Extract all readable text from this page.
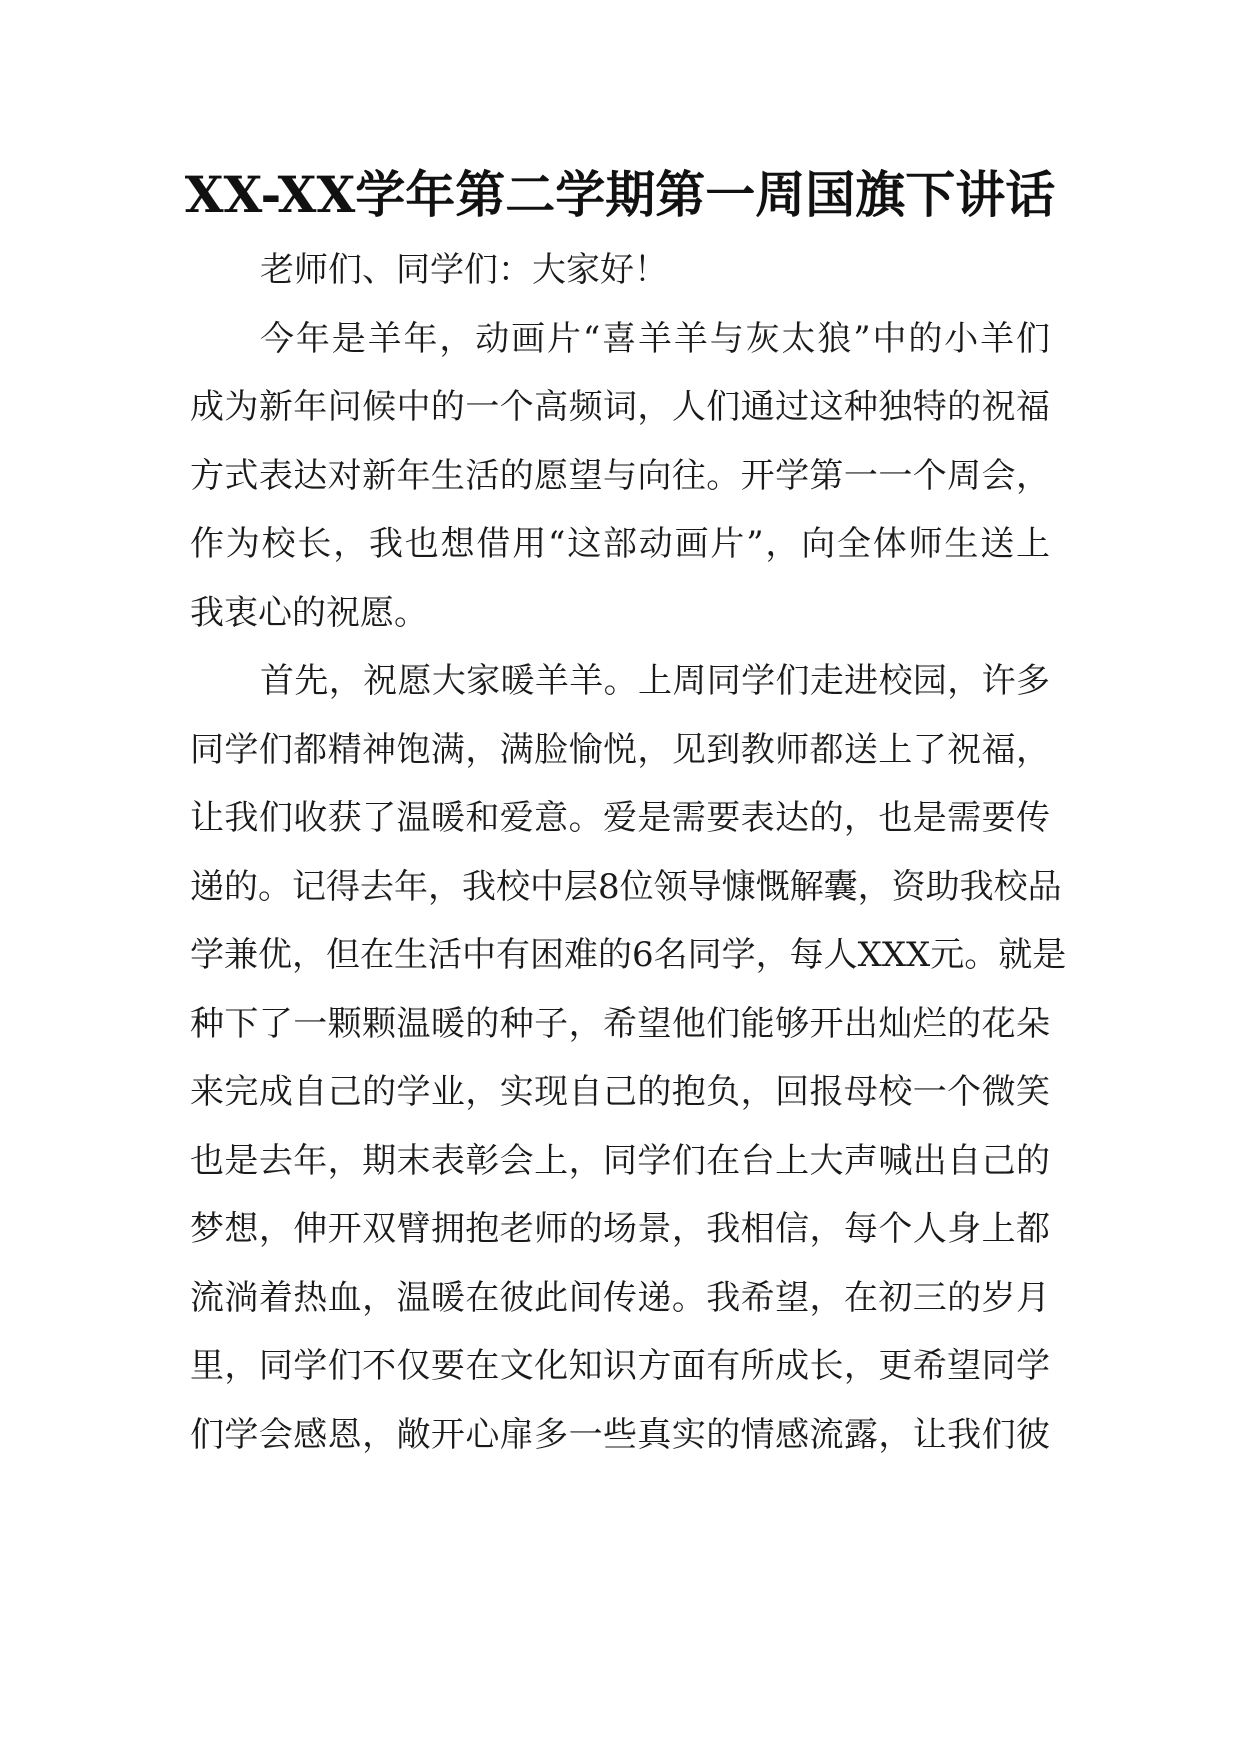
XX-XX学年第二学期第一周国旗下讲话

老师们、同学们：大家好！

今年是羊年，动画片“喜羊羊与灰太狼”中的小羊们
成为新年问候中的一个高频词，人们通过这种独特的祝福
方式表达对新年生活的愿望与向往。开学第一一个周会，
作为校长，我也想借用“这部动画片”，向全体师生送上
我衷心的祝愿。

首先，祝愿大家暖羊羊。上周同学们走进校园，许多
同学们都精神饱满，满脸愉悦，见到教师都送上了祝福，
让我们收获了温暖和爱意。爱是需要表达的，也是需要传
递的。记得去年，我校中层8位领导慷慨解囊，资助我校品
学兼优，但在生活中有困难的6名同学，每人XXX元。就是
种下了一颗颗温暖的种子，希望他们能够开出灿烂的花朵
来完成自己的学业，实现自己的抱负，回报母校一个微笑
也是去年，期末表彰会上，同学们在台上大声喊出自己的
梦想，伸开双臂拥抱老师的场景，我相信，每个人身上都
流淌着热血，温暖在彼此间传递。我希望，在初三的岁月
里，同学们不仅要在文化知识方面有所成长，更希望同学
们学会感恩，敞开心扉多一些真实的情感流露，让我们彼
